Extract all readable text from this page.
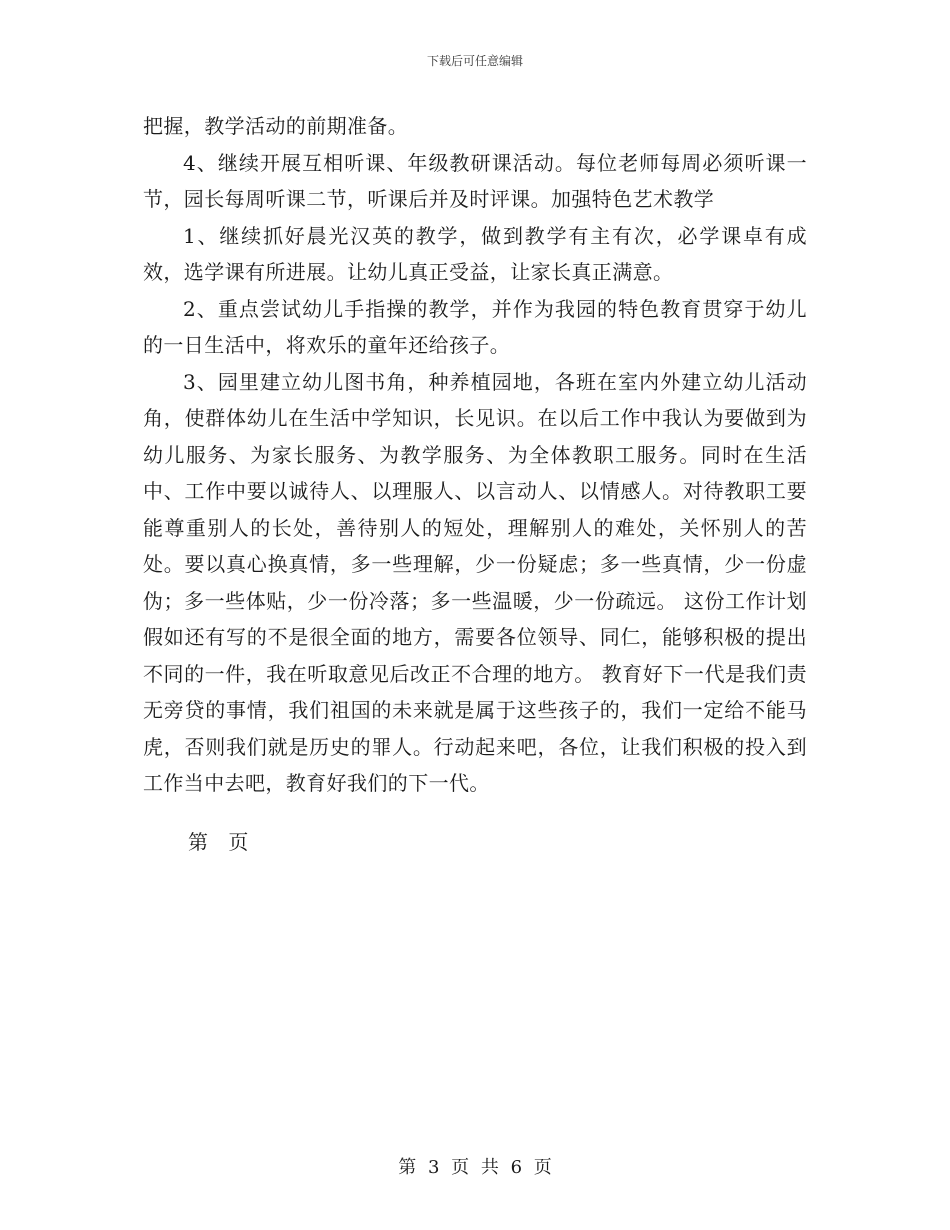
下载后可任意编辑

把握，教学活动的前期准备。

4、继续开展互相听课、年级教研课活动。每位老师每周必须听课一节，园长每周听课二节，听课后并及时评课。加强特色艺术教学

1、继续抓好晨光汉英的教学，做到教学有主有次，必学课卓有成效，选学课有所进展。让幼儿真正受益，让家长真正满意。

2、重点尝试幼儿手指操的教学，并作为我园的特色教育贯穿于幼儿的一日生活中，将欢乐的童年还给孩子。

3、园里建立幼儿图书角，种养植园地，各班在室内外建立幼儿活动角，使群体幼儿在生活中学知识，长见识。在以后工作中我认为要做到为幼儿服务、为家长服务、为教学服务、为全体教职工服务。同时在生活中、工作中要以诚待人、以理服人、以言动人、以情感人。对待教职工要能尊重别人的长处，善待别人的短处，理解别人的难处，关怀别人的苦处。要以真心换真情，多一些理解，少一份疑虑；多一些真情，少一份虚伪；多一些体贴，少一份冷落；多一些温暖，少一份疏远。 这份工作计划假如还有写的不是很全面的地方，需要各位领导、同仁，能够积极的提出不同的一件，我在听取意见后改正不合理的地方。 教育好下一代是我们责无旁贷的事情，我们祖国的未来就是属于这些孩子的，我们一定给不能马虎，否则我们就是历史的罪人。行动起来吧，各位，让我们积极的投入到工作当中去吧，教育好我们的下一代。

第 页
第 3 页 共 6 页
